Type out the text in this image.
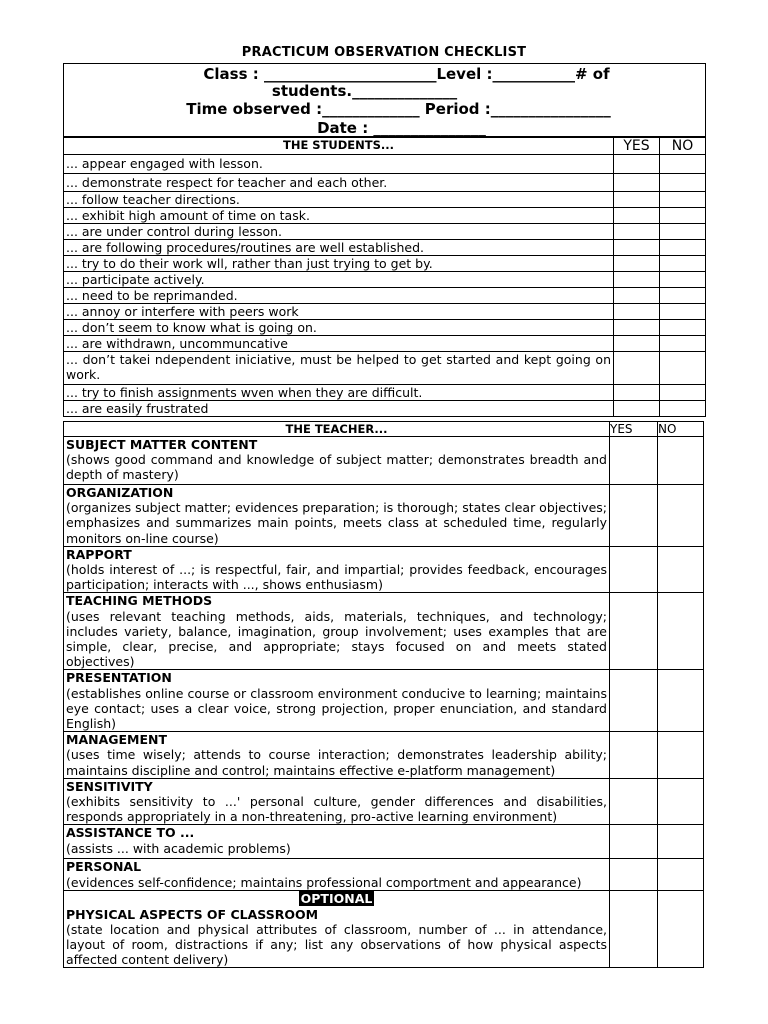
PRACTICUM OBSERVATION CHECKLIST
Class : _______________________Level :___________# of
students.______________
Time observed :_____________ Period :________________
Date : _______________
THE STUDENTS...	YES	NO
... appear engaged with lesson.		
... demonstrate respect for teacher and each other.		
... follow teacher directions.		
... exhibit high amount of time on task.		
... are under control during lesson.		
... are following procedures/routines are well established.		
... try to do their work wll, rather than just trying to get by.		
... participate actively.		
... need to be reprimanded.		
... annoy or interfere with peers work		
... don’t seem to know what is going on.		
... are withdrawn, uncommuncative		
... don’t takei ndependent iniciative, must be helped to get started and kept going on work.		
... try to finish assignments wven when they are difficult.		
... are easily frustrated		
THE TEACHER...	YES	NO

SUBJECT MATTER CONTENT
(shows good command and knowledge of subject matter; demonstrates breadth and depth of mastery)		

ORGANIZATION
(organizes subject matter; evidences preparation; is thorough; states clear objectives; emphasizes and summarizes main points, meets class at scheduled time, regularly monitors on-line course)		

RAPPORT
(holds interest of ...; is respectful, fair, and impartial; provides feedback, encourages participation; interacts with ..., shows enthusiasm)		

TEACHING METHODS
(uses relevant teaching methods, aids, materials, techniques, and technology; includes variety, balance, imagination, group involvement; uses examples that are simple, clear, precise, and appropriate; stays focused on and meets stated objectives)		

PRESENTATION
(establishes online course or classroom environment conducive to learning; maintains eye contact; uses a clear voice, strong projection, proper enunciation, and standard English)		

MANAGEMENT
(uses time wisely; attends to course interaction; demonstrates leadership ability; maintains discipline and control; maintains effective e-platform management)		

SENSITIVITY
(exhibits sensitivity to ...' personal culture, gender differences and disabilities, responds appropriately in a non-threatening, pro-active learning environment)		

ASSISTANCE TO ...
(assists ... with academic problems)		

PERSONAL
(evidences self-confidence; maintains professional comportment and appearance)		

OPTIONAL
PHYSICAL ASPECTS OF CLASSROOM
(state location and physical attributes of classroom, number of ... in attendance, layout of room, distractions if any; list any observations of how physical aspects affected content delivery)		
